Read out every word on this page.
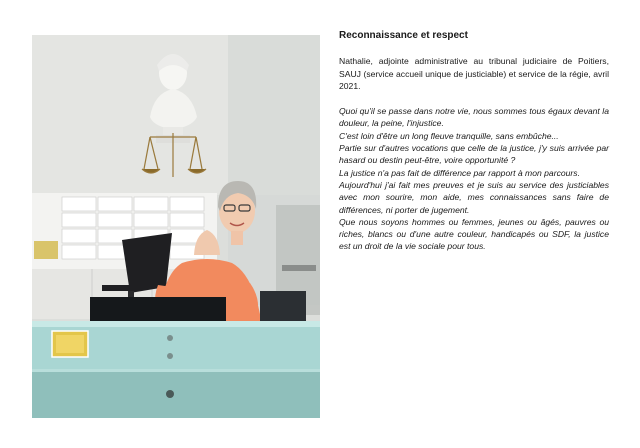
Reconnaissance et respect

Nathalie, adjointe administrative au tribunal judiciaire de Poitiers, SAUJ (service accueil unique de justiciable) et service de la régie, avril 2021.

Quoi qu'il se passe dans notre vie, nous sommes tous égaux devant la douleur, la peine, l'injustice.

C'est loin d'être un long fleuve tranquille, sans embûche...

Partie sur d'autres vocations que celle de la justice, j'y suis arrivée par hasard ou destin peut-être, voire opportunité ?

La justice n'a pas fait de différence par rapport à mon parcours.

Aujourd'hui j'ai fait mes preuves et je suis au service des justiciables avec mon sourire, mon aide, mes connaissances sans faire de différences, ni porter de jugement.

Que nous soyons hommes ou femmes, jeunes ou âgés, pauvres ou riches, blancs ou d'une autre couleur, handicapés ou SDF, la justice est un droit de la vie sociale pour tous.
